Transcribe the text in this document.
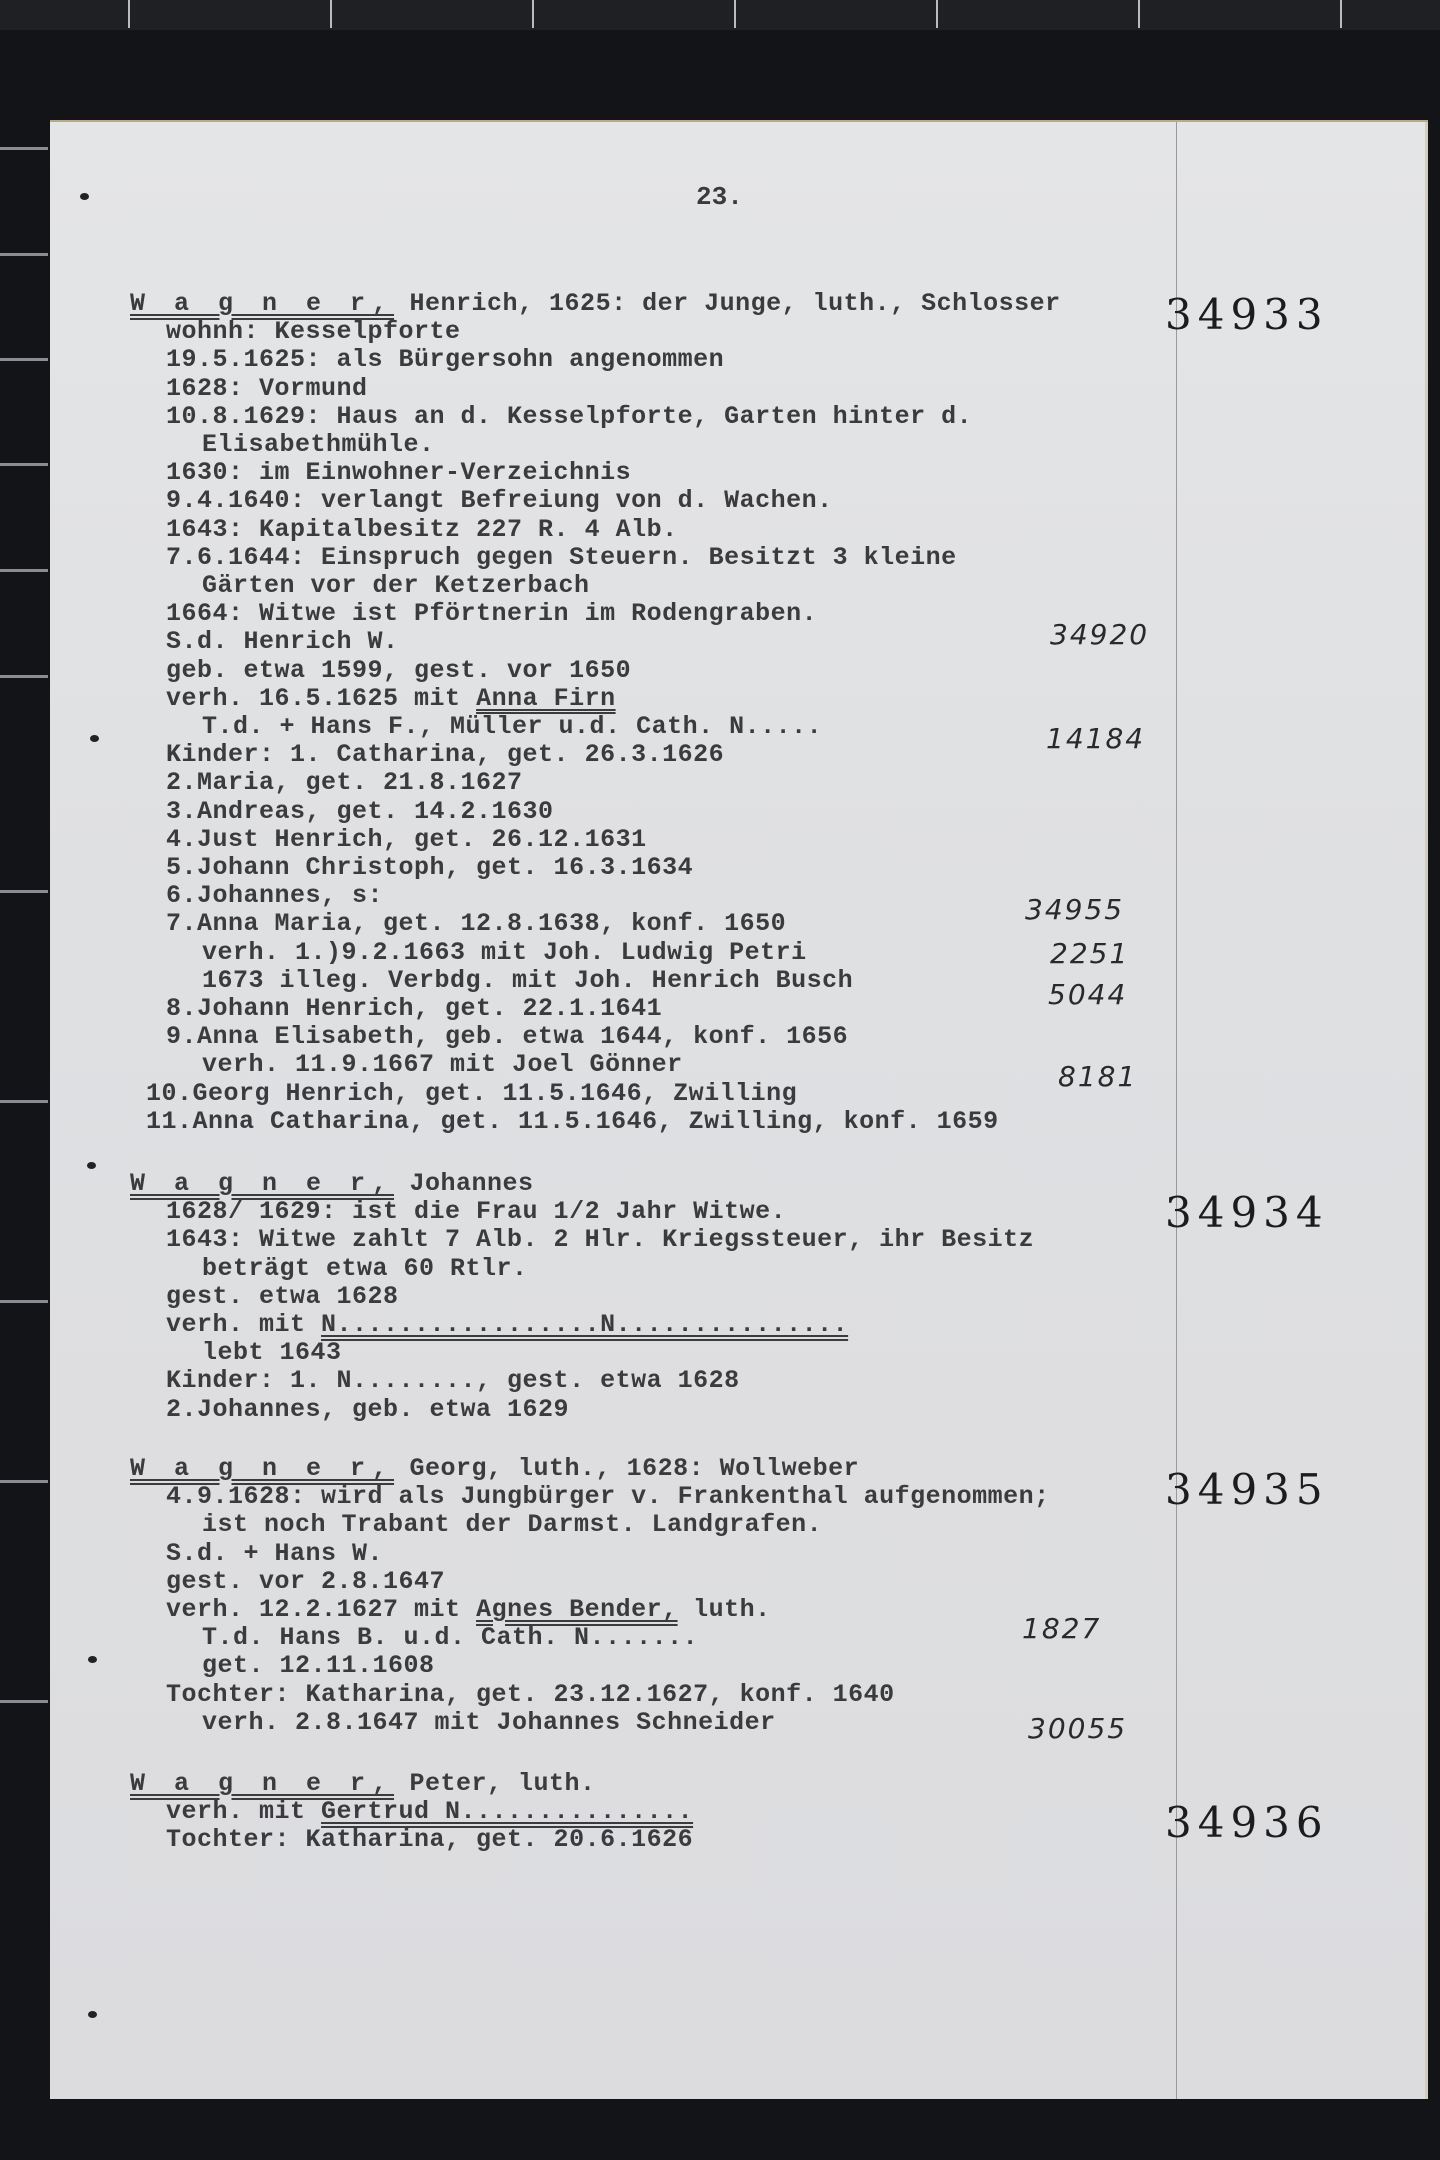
23.
W a g n e r, Henrich, 1625: der Junge, luth., Schlosser
wohnh: Kesselpforte
19.5.1625: als Bürgersohn angenommen
1628: Vormund
10.8.1629: Haus an d. Kesselpforte, Garten hinter d.
Elisabethmühle.
1630: im Einwohner-Verzeichnis
9.4.1640: verlangt Befreiung von d. Wachen.
1643: Kapitalbesitz 227 R. 4 Alb.
7.6.1644: Einspruch gegen Steuern. Besitzt 3 kleine
Gärten vor der Ketzerbach
1664: Witwe ist Pförtnerin im Rodengraben.
S.d. Henrich W.
geb. etwa 1599, gest. vor 1650
verh. 16.5.1625 mit Anna Firn
T.d. + Hans F., Müller u.d. Cath. N.....
Kinder: 1. Catharina, get. 26.3.1626
2.Maria, get. 21.8.1627
3.Andreas, get. 14.2.1630
4.Just Henrich, get. 26.12.1631
5.Johann Christoph, get. 16.3.1634
6.Johannes, s:
7.Anna Maria, get. 12.8.1638, konf. 1650
verh. 1.)9.2.1663 mit Joh. Ludwig Petri
1673 illeg. Verbdg. mit Joh. Henrich Busch
8.Johann Henrich, get. 22.1.1641
9.Anna Elisabeth, geb. etwa 1644, konf. 1656
verh. 11.9.1667 mit Joel Gönner
10.Georg Henrich, get. 11.5.1646, Zwilling
11.Anna Catharina, get. 11.5.1646, Zwilling, konf. 1659
34933
34920
14184
34955
2251
5044
8181
W a g n e r, Johannes
1628/ 1629: ist die Frau 1/2 Jahr Witwe.
1643: Witwe zahlt 7 Alb. 2 Hlr. Kriegssteuer, ihr Besitz
beträgt etwa 60 Rtlr.
gest. etwa 1628
verh. mit N.................N...............
lebt 1643
Kinder: 1. N........, gest. etwa 1628
2.Johannes, geb. etwa 1629
34934
W a g n e r, Georg, luth., 1628: Wollweber
4.9.1628: wird als Jungbürger v. Frankenthal aufgenommen;
ist noch Trabant der Darmst. Landgrafen.
S.d. + Hans W.
gest. vor 2.8.1647
verh. 12.2.1627 mit Agnes Bender, luth.
T.d. Hans B. u.d. Cath. N.......
get. 12.11.1608
Tochter: Katharina, get. 23.12.1627, konf. 1640
verh. 2.8.1647 mit Johannes Schneider
34935
1827
30055
W a g n e r, Peter, luth.
verh. mit Gertrud N...............
Tochter: Katharina, get. 20.6.1626	34936
